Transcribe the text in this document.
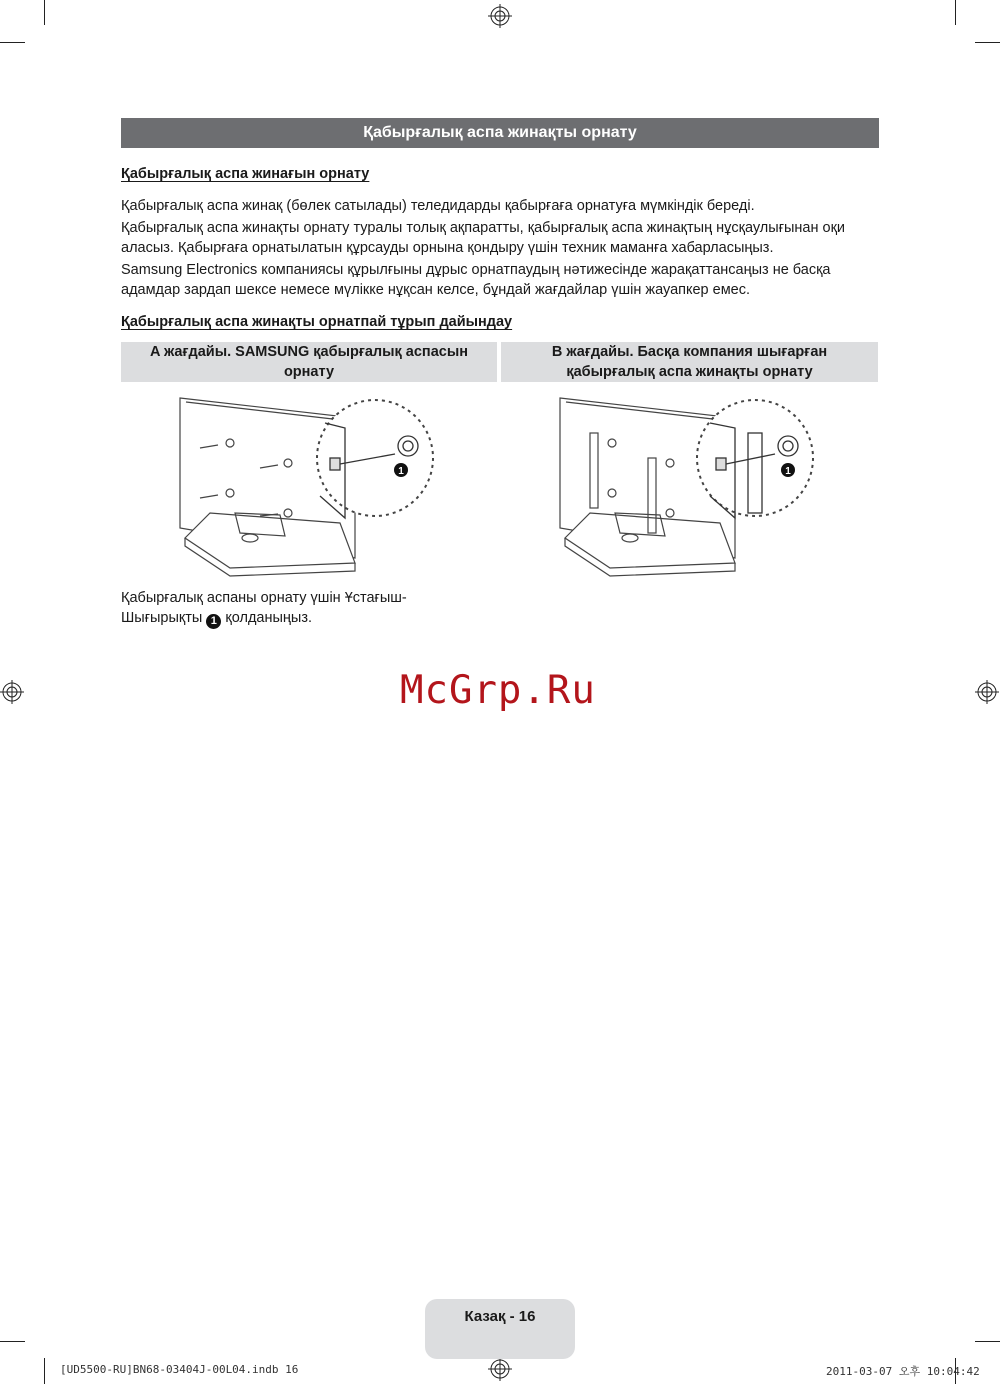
Қабырғалық аспа жинақты орнату
Қабырғалық аспа жинағын орнату

Қабырғалық аспа жинақ (бөлек сатылады) теледидарды қабырғаға орнатуға мүмкіндік береді.

Қабырғалық аспа жинақты орнату туралы толық ақпаратты, қабырғалық аспа жинақтың нұсқаулығынан оқи аласыз. Қабырғаға орнатылатын құрсауды орнына қондыру үшін техник маманға хабарласыңыз.

Samsung Electronics компаниясы құрылғыны дұрыс орнатпаудың нәтижесінде жарақаттансаңыз не басқа адамдар зардап шексе немесе мүлікке нұқсан келсе, бұндай жағдайлар үшін жауапкер емес.

Қабырғалық аспа жинақты орнатпай тұрып дайындау
A жағдайы. SAMSUNG қабырғалық аспасын орнату
B жағдайы. Басқа компания шығарған қабырғалық аспа жинақты орнату
1	1
Қабырғалық аспаны орнату үшін Ұстағыш-Шығырықты 1 қолданыңыз.
McGrp.Ru
Казақ - 16
[UD5500-RU]BN68-03404J-00L04.indb 16	2011-03-07 오후 10:04:42
